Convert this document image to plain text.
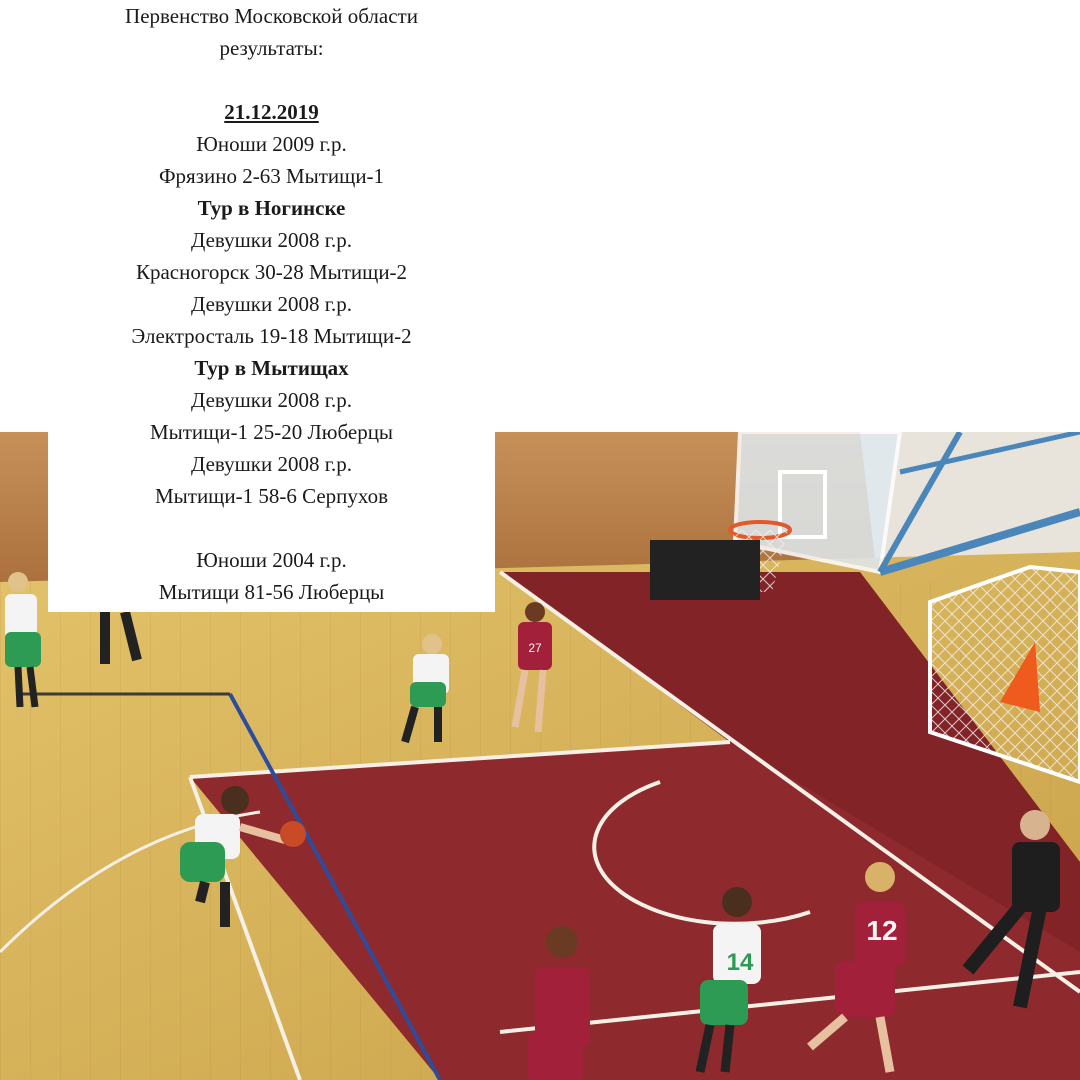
27
14
12
Первенство Московской области
результаты:
21.12.2019
Юноши 2009 г.р.
Фрязино 2-63 Мытищи-1
Тур в Ногинске
Девушки 2008 г.р.
Красногорск 30-28 Мытищи-2
Девушки 2008 г.р.
Электросталь 19-18 Мытищи-2
Тур в Мытищах
Девушки 2008 г.р.
Мытищи-1 25-20 Люберцы
Девушки 2008 г.р.
Мытищи-1 58-6 Серпухов
Юноши 2004 г.р.
Мытищи 81-56 Люберцы
